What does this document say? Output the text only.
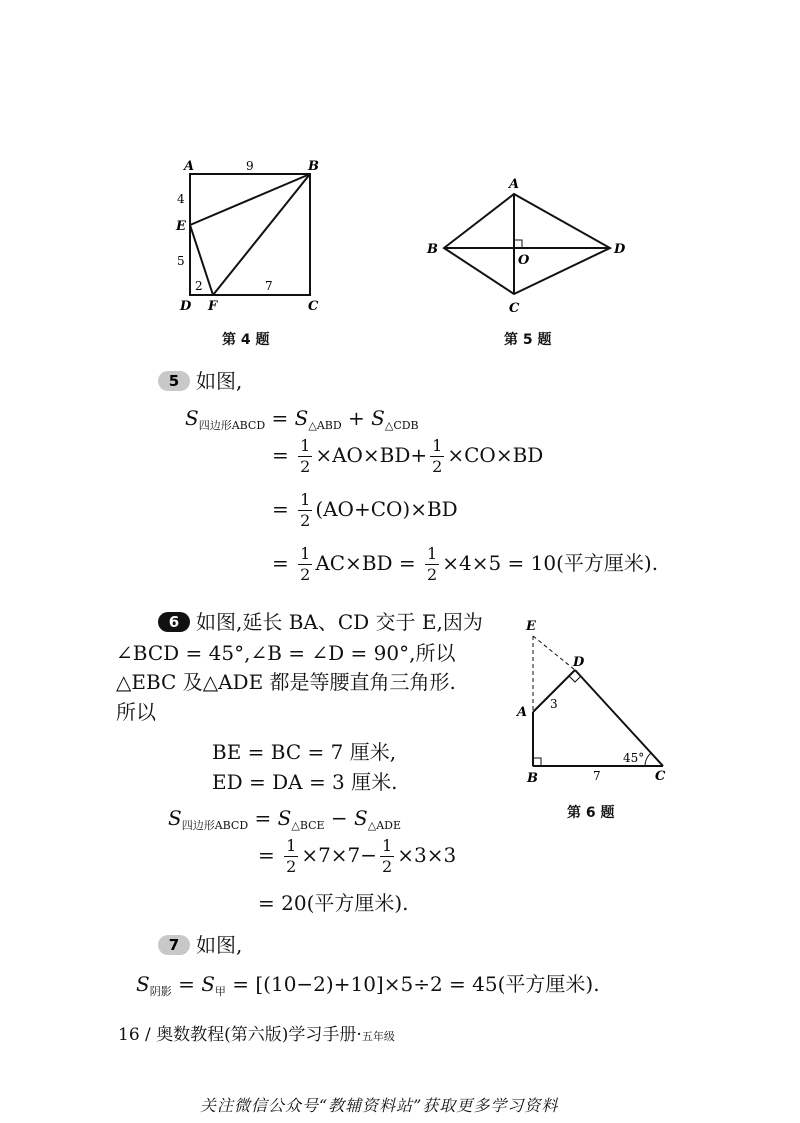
A	B
C
D
E
F
9
4
5
2	7
第 4 题
A
B
C
D
O
第 5 题
5 如图,
$S_{四边形ABCD} = S_{\triangle ABD} + S_{\triangle CDB}$
= $\frac{1}{2} \times AO\times BD+ \frac{1}{2} \times CO\times BD$
= $\frac{1}{2} (AO+CO)\times BD$
= $\frac{1}{2} AC\times BD = \frac{1}{2} \times 4\times 5 = 10$(平方厘米).
6 如图,延长 BA、CD 交于 E,因为
∠BCD = 45°,∠B = ∠D = 90°,所以
△EBC 及△ADE 都是等腰直角三角形.
所以
BE = BC = 7 厘米,
ED = DA = 3 厘米.
$S_{四边形ABCD} = S_{\triangle BCE} - S_{\triangle ADE}$
= $\frac{1}{2} \times 7\times 7- \frac{1}{2} \times 3\times 3$
= 20(平方厘米).
E
D
A
B	C
3
7
45°
第 6 题
7 如图,
$S_{阴影} = S_甲 = [(10-2)+10]\times 5\div 2 = 45$(平方厘米).
16 / 奥数教程(第六版)学习手册·五年级
关注微信公众号“教辅资料站”获取更多学习资料
